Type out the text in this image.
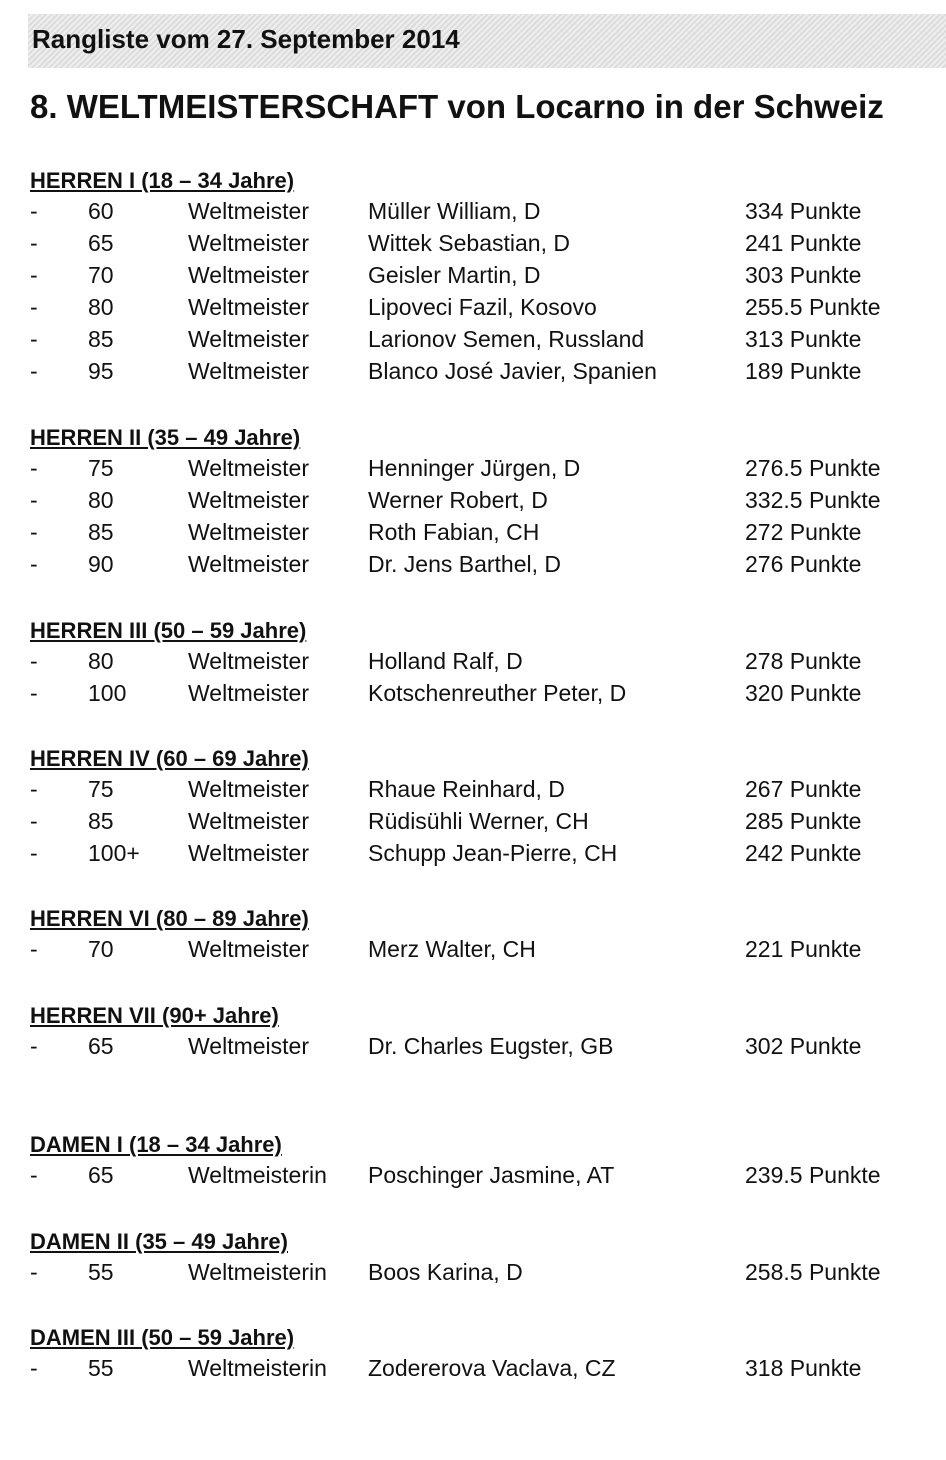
Rangliste vom 27. September 2014
8. WELTMEISTERSCHAFT von Locarno in der Schweiz
HERREN I (18 – 34 Jahre)
- 60	Weltmeister	Müller William, D	334 Punkte
- 65	Weltmeister	Wittek Sebastian, D	241 Punkte
- 70	Weltmeister	Geisler Martin, D	303 Punkte
- 80	Weltmeister	Lipoveci Fazil, Kosovo	255.5 Punkte
- 85	Weltmeister	Larionov Semen, Russland	313 Punkte
- 95	Weltmeister	Blanco José Javier, Spanien	189 Punkte
HERREN II (35 – 49 Jahre)
- 75	Weltmeister	Henninger Jürgen, D	276.5 Punkte
- 80	Weltmeister	Werner Robert, D	332.5 Punkte
- 85	Weltmeister	Roth Fabian, CH	272 Punkte
- 90	Weltmeister	Dr. Jens Barthel, D	276 Punkte
HERREN III (50 – 59 Jahre)
- 80	Weltmeister	Holland Ralf, D	278 Punkte
- 100	Weltmeister	Kotschenreuther Peter, D	320 Punkte
HERREN IV (60 – 69 Jahre)
- 75	Weltmeister	Rhaue Reinhard, D	267 Punkte
- 85	Weltmeister	Rüdisühli Werner, CH	285 Punkte
- 100+ Weltmeister	Schupp Jean-Pierre, CH	242 Punkte
HERREN VI (80 – 89 Jahre)
- 70	Weltmeister	Merz Walter, CH	221 Punkte
HERREN VII (90+ Jahre)
- 65	Weltmeister	Dr. Charles Eugster, GB	302 Punkte
DAMEN I (18 – 34 Jahre)
- 65	Weltmeisterin Poschinger Jasmine, AT	239.5 Punkte
DAMEN II (35 – 49 Jahre)
- 55	Weltmeisterin Boos Karina, D	258.5 Punkte
DAMEN III (50 – 59 Jahre)
- 55	Weltmeisterin Zodererova Vaclava, CZ	318 Punkte
